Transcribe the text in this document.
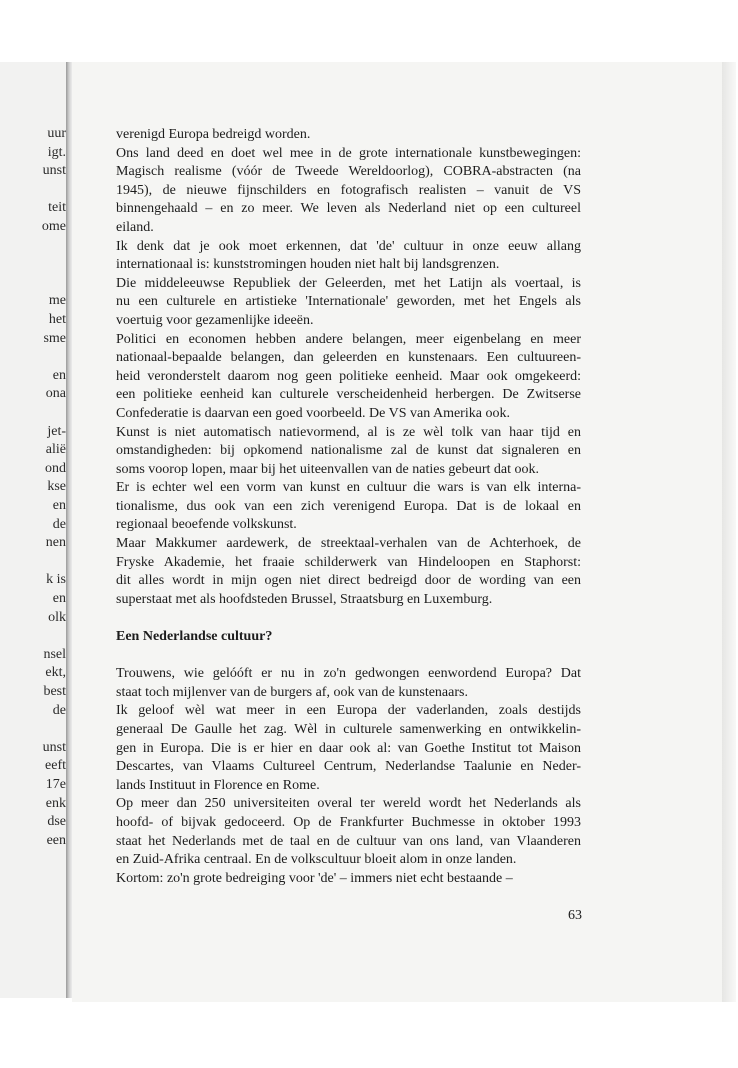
uur
igt.
unst
teit
ome
me
het
sme
en
ona
jet-
alië
ond
kse
en
de
nen
k is
en
olk
nsel
ekt,
best
de
unst
eeft
17e
enk
dse
een
verenigd Europa bedreigd worden.
Ons land deed en doet wel mee in de grote internationale kunstbewegingen:
Magisch realisme (vóór de Tweede Wereldoorlog), COBRA-abstracten (na
1945), de nieuwe fijnschilders en fotografisch realisten – vanuit de VS
binnengehaald – en zo meer. We leven als Nederland niet op een cultureel
eiland.
Ik denk dat je ook moet erkennen, dat 'de' cultuur in onze eeuw allang
internationaal is: kunststromingen houden niet halt bij landsgrenzen.
Die middeleeuwse Republiek der Geleerden, met het Latijn als voertaal, is
nu een culturele en artistieke 'Internationale' geworden, met het Engels als
voertuig voor gezamenlijke ideeën.
Politici en economen hebben andere belangen, meer eigenbelang en meer
nationaal-bepaalde belangen, dan geleerden en kunstenaars. Een cultuureen-
heid veronderstelt daarom nog geen politieke eenheid. Maar ook omgekeerd:
een politieke eenheid kan culturele verscheidenheid herbergen. De Zwitserse
Confederatie is daarvan een goed voorbeeld. De VS van Amerika ook.
Kunst is niet automatisch natievormend, al is ze wèl tolk van haar tijd en
omstandigheden: bij opkomend nationalisme zal de kunst dat signaleren en
soms voorop lopen, maar bij het uiteenvallen van de naties gebeurt dat ook.
Er is echter wel een vorm van kunst en cultuur die wars is van elk interna-
tionalisme, dus ook van een zich verenigend Europa. Dat is de lokaal en
regionaal beoefende volkskunst.
Maar Makkumer aardewerk, de streektaal-verhalen van de Achterhoek, de
Fryske Akademie, het fraaie schilderwerk van Hindeloopen en Staphorst:
dit alles wordt in mijn ogen niet direct bedreigd door de wording van een
superstaat met als hoofdsteden Brussel, Straatsburg en Luxemburg.
Een Nederlandse cultuur?
Trouwens, wie gelóóft er nu in zo'n gedwongen eenwordend Europa? Dat
staat toch mijlenver van de burgers af, ook van de kunstenaars.
Ik geloof wèl wat meer in een Europa der vaderlanden, zoals destijds
generaal De Gaulle het zag. Wèl in culturele samenwerking en ontwikkelin-
gen in Europa. Die is er hier en daar ook al: van Goethe Institut tot Maison
Descartes, van Vlaams Cultureel Centrum, Nederlandse Taalunie en Neder-
lands Instituut in Florence en Rome.
Op meer dan 250 universiteiten overal ter wereld wordt het Nederlands als
hoofd- of bijvak gedoceerd. Op de Frankfurter Buchmesse in oktober 1993
staat het Nederlands met de taal en de cultuur van ons land, van Vlaanderen
en Zuid-Afrika centraal. En de volkscultuur bloeit alom in onze landen.
Kortom: zo'n grote bedreiging voor 'de' – immers niet echt bestaande –
63
